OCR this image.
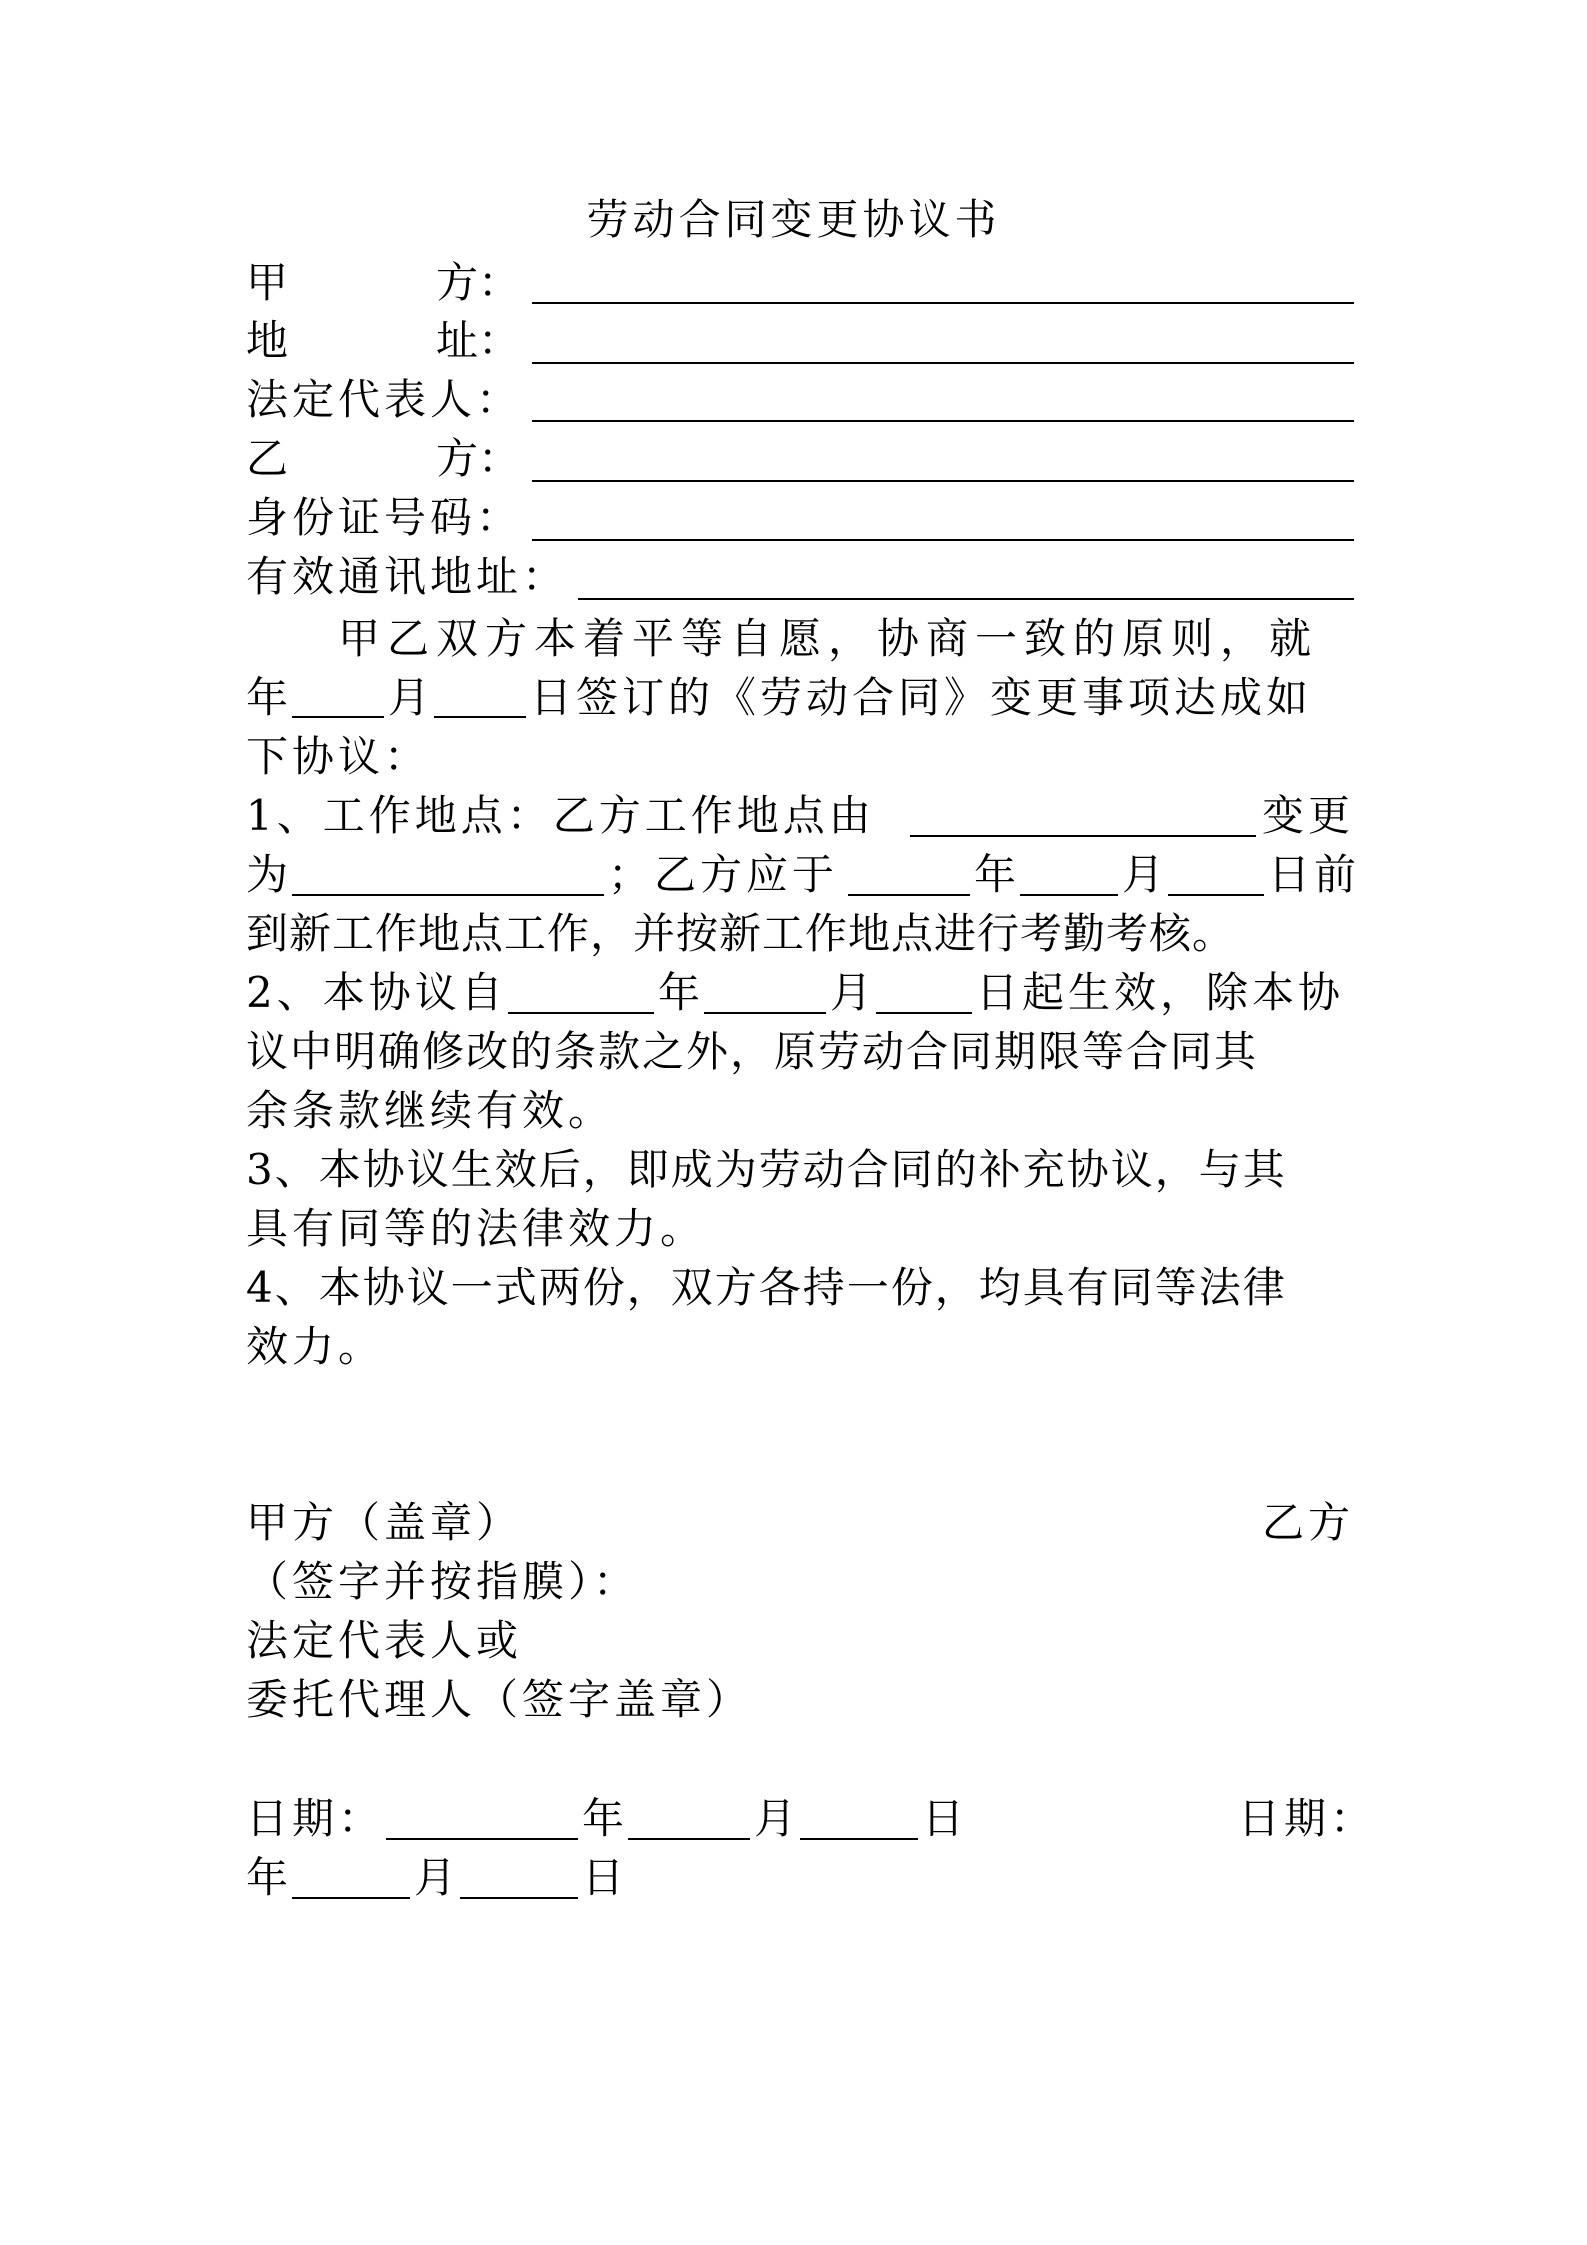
劳动合同变更协议书
甲	方：
地	址：
法定代表人：
乙	方：
身份证号码：
有效通讯地址：
甲乙双方本着平等自愿，协商一致的原则，就
年 月 日签订的《劳动合同》变更事项达成如
下协议：
1、工作地点：乙方工作地点由	变更
为	；乙方应于	年	月 日前
到新工作地点工作，并按新工作地点进行考勤考核。
2、本协议自	年	月 日起生效，除本协
议中明确修改的条款之外，原劳动合同期限等合同其
余条款继续有效。
3、本协议生效后，即成为劳动合同的补充协议，与其
具有同等的法律效力。
4、本协议一式两份，双方各持一份，均具有同等法律
效力。
甲方（盖章）	乙方
（签字并按指膜）：
法定代表人或
委托代理人（签字盖章）
日期：	年	月	日	日期：
年	月	日
